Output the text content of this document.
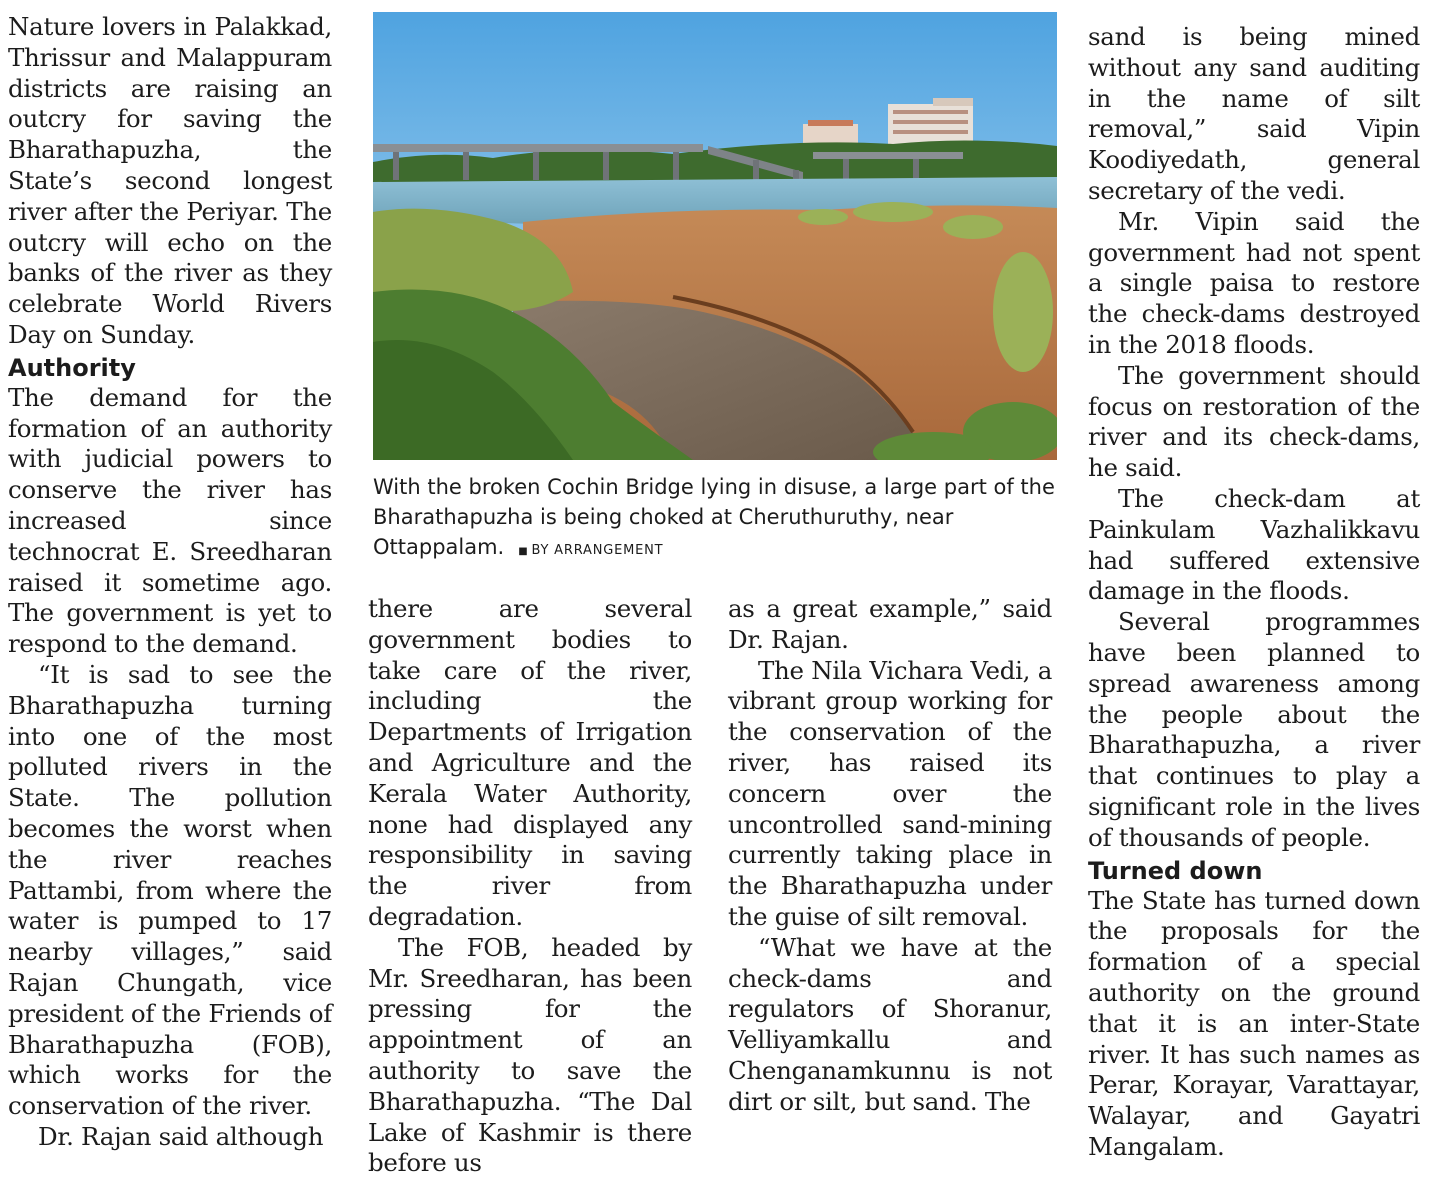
Nature lovers in Palakkad, Thrissur and Malappuram districts are raising an outcry for saving the Bharathapuzha, the State’s second longest river after the Periyar. The outcry will echo on the banks of the river as they celebrate World Rivers Day on Sunday.

Authority

The demand for the formation of an authority with judicial powers to conserve the river has increased since technocrat E. Sreedharan raised it sometime ago. The government is yet to respond to the demand.

“It is sad to see the Bharathapuzha turning into one of the most polluted rivers in the State. The pollution becomes the worst when the river reaches Pattambi, from where the water is pumped to 17 nearby villages,” said Rajan Chungath, vice president of the Friends of Bharathapuzha (FOB), which works for the conservation of the river.

Dr. Rajan said although

With the broken Cochin Bridge lying in disuse, a large part of the Bharathapuzha is being choked at Cheruthuruthy, near Ottappalam. ■ BY ARRANGEMENT

there are several government bodies to take care of the river, including the Departments of Irrigation and Agriculture and the Kerala Water Authority, none had displayed any responsibility in saving the river from degradation.

The FOB, headed by Mr. Sreedharan, has been pressing for the appointment of an authority to save the Bharathapuzha. “The Dal Lake of Kashmir is there before us

as a great example,” said Dr. Rajan.

The Nila Vichara Vedi, a vibrant group working for the conservation of the river, has raised its concern over the uncontrolled sand-mining currently taking place in the Bharathapuzha under the guise of silt removal.

“What we have at the check-dams and regulators of Shoranur, Velliyamkallu and Chenganamkunnu is not dirt or silt, but sand. The

sand is being mined without any sand auditing in the name of silt removal,” said Vipin Koodiyedath, general secretary of the vedi.

Mr. Vipin said the government had not spent a single paisa to restore the check-dams destroyed in the 2018 floods.

The government should focus on restoration of the river and its check-dams, he said.

The check-dam at Painkulam Vazhalikkavu had suffered extensive damage in the floods.

Several programmes have been planned to spread awareness among the people about the Bharathapuzha, a river that continues to play a significant role in the lives of thousands of people.

Turned down

The State has turned down the proposals for the formation of a special authority on the ground that it is an inter-State river. It has such names as Perar, Korayar, Varattayar, Walayar, and Gayatri Mangalam.
